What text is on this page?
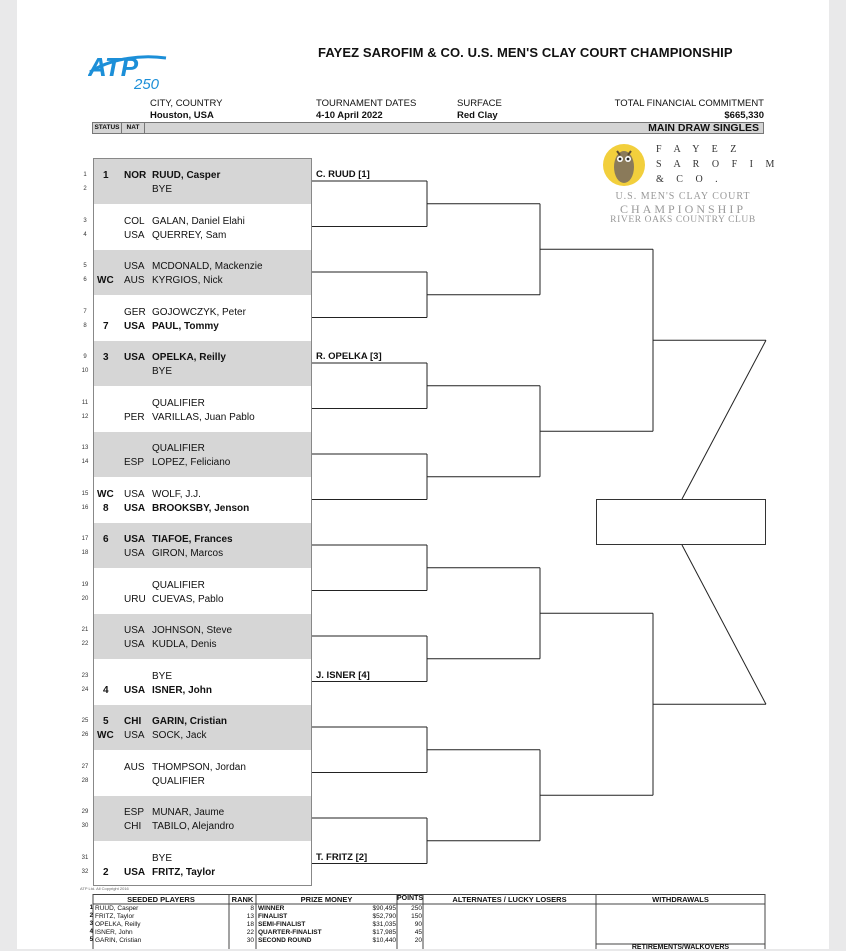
ATP
250
FAYEZ SAROFIM & CO. U.S. MEN'S CLAY COURT CHAMPIONSHIP
CITY, COUNTRY
Houston, USA
TOURNAMENT DATES
4-10 April 2022
SURFACE
Red Clay
TOTAL FINANCIAL COMMITMENT
$665,330
STATUS	NAT	MAIN DRAW SINGLES
F A Y E Z
S A R O F I M
& C O .
U.S. MEN'S CLAY COURT
CHAMPIONSHIP
RIVER OAKS COUNTRY CLUB
1 NOR RUUD, Casper
BYE
COL GALAN, Daniel Elahi
USA QUERREY, Sam
USA MCDONALD, Mackenzie
WC AUS KYRGIOS, Nick
GER GOJOWCZYK, Peter
7 USA PAUL, Tommy
3 USA OPELKA, Reilly
BYE
QUALIFIER
PER VARILLAS, Juan Pablo
QUALIFIER
ESP LOPEZ, Feliciano
WC USA WOLF, J.J.
8 USA BROOKSBY, Jenson
6 USA TIAFOE, Frances
USA GIRON, Marcos
QUALIFIER
URU CUEVAS, Pablo
USA JOHNSON, Steve
USA KUDLA, Denis
BYE
4 USA ISNER, John
5 CHI GARIN, Cristian
WC USA SOCK, Jack
AUS THOMPSON, Jordan
QUALIFIER
ESP MUNAR, Jaume
CHI TABILO, Alejandro
BYE
2 USA FRITZ, Taylor
1
2
3
4
5
6
7
8
9
10
11
12
13
14
15
16
17
18
19
20
21
22
23
24
25
26
27
28
29
30
31
32
C. RUUD [1]
R. OPELKA [3]
J. ISNER [4]
T. FRITZ [2]
ATP Ltd. All Copyright 2016
SEEDED PLAYERS	RANK	PRIZE MONEY	POINTS	ALTERNATES / LUCKY LOSERS	WITHDRAWALS
RETIREMENTS/WALKOVERS
1 RUUD, Casper	8
2 FRITZ, Taylor	13
3 OPELKA, Reilly	18
4 ISNER, John	22
5 GARIN, Cristian	30
WINNER	$90,495	250
FINALIST	$52,790	150
SEMI-FINALIST	$31,035	90
QUARTER-FINALIST	$17,985	45
SECOND ROUND	$10,440	20
